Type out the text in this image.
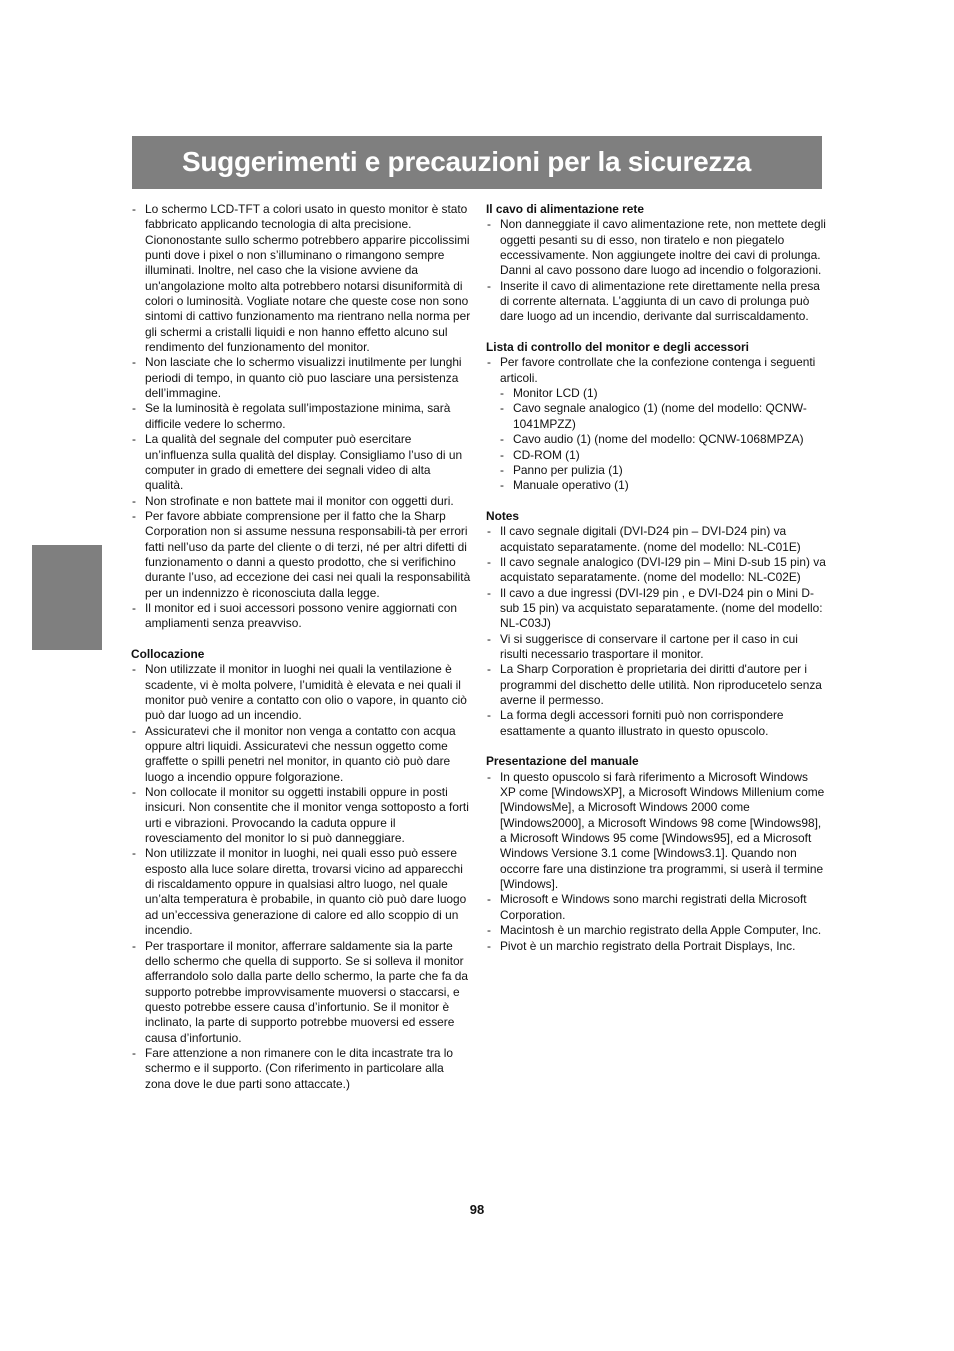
Suggerimenti e precauzioni per la sicurezza
- Lo schermo LCD-TFT a colori usato in questo monitor è stato fabbricato applicando tecnologia di alta precisione. Ciononostante sullo schermo potrebbero apparire piccolissimi punti dove i pixel o non s’illuminano o rimangono sempre illuminati. Inoltre, nel caso che la visione avviene da un'angolazione molto alta potrebbero notarsi disuniformità di colori o luminosità. Vogliate notare che queste cose non sono sintomi di cattivo funzionamento ma rientrano nella norma per gli schermi a cristalli liquidi e non hanno effetto alcuno sul rendimento del funzionamento del monitor.
- Non lasciate che lo schermo visualizzi inutilmente per lunghi periodi di tempo, in quanto ciò puo lasciare una persistenza dell’immagine.
- Se la luminosità è regolata sull’impostazione minima, sarà difficile vedere lo schermo.
- La qualità del segnale del computer può esercitare un’influenza sulla qualità del display. Consigliamo l’uso di un computer in grado di emettere dei segnali video di alta qualità.
- Non strofinate e non battete mai il monitor con oggetti duri.
- Per favore abbiate comprensione per il fatto che la Sharp Corporation non si assume nessuna responsabili-tà per errori fatti nell’uso da parte del cliente o di terzi, né per altri difetti di funzionamento o danni a questo prodotto, che si verifichino durante l’uso, ad eccezione dei casi nei quali la responsabilità per un indennizzo è riconosciuta dalla legge.
- Il monitor ed i suoi accessori possono venire aggiornati con ampliamenti senza preavviso.
Collocazione
- Non utilizzate il monitor in luoghi nei quali la ventilazione è scadente, vi è molta polvere, l’umidità è elevata e nei quali il monitor può venire a contatto con olio o vapore, in quanto ciò può dar luogo ad un incendio.
- Assicuratevi che il monitor non venga a contatto con acqua oppure altri liquidi. Assicuratevi che nessun oggetto come graffette o spilli penetri nel monitor, in quanto ciò può dare luogo a incendio oppure folgorazione.
- Non collocate il monitor su oggetti instabili oppure in posti insicuri. Non consentite che il monitor venga sottoposto a forti urti e vibrazioni. Provocando la caduta oppure il rovesciamento del monitor lo si può danneggiare.
- Non utilizzate il monitor in luoghi, nei quali esso può essere esposto alla luce solare diretta, trovarsi vicino ad apparecchi di riscaldamento oppure in qualsiasi altro luogo, nel quale un’alta temperatura è probabile, in quanto ciò può dare luogo ad un’eccessiva generazione di calore ed allo scoppio di un incendio.
- Per trasportare il monitor, afferrare saldamente sia la parte dello schermo che quella di supporto. Se si solleva il monitor afferrandolo solo dalla parte dello schermo, la parte che fa da supporto potrebbe improvvisamente muoversi o staccarsi, e questo potrebbe essere causa d’infortunio. Se il monitor è inclinato, la parte di supporto potrebbe muoversi ed essere causa d’infortunio.
- Fare attenzione a non rimanere con le dita incastrate tra lo schermo e il supporto. (Con riferimento in particolare alla zona dove le due parti sono attaccate.)
Il cavo di alimentazione rete
- Non danneggiate il cavo alimentazione rete, non mettete degli oggetti pesanti su di esso, non tiratelo e non piegatelo eccessivamente. Non aggiungete inoltre dei cavi di prolunga. Danni al cavo possono dare luogo ad incendio o folgorazioni.
- Inserite il cavo di alimentazione rete direttamente nella presa di corrente alternata. L’aggiunta di un cavo di prolunga può dare luogo ad un incendio, derivante dal surriscaldamento.
Lista di controllo del monitor e degli accessori
- Per favore controllate che la confezione contenga i seguenti articoli.
- Monitor LCD (1)
- Cavo segnale analogico (1) (nome del modello: QCNW-1041MPZZ)
- Cavo audio (1) (nome del modello: QCNW-1068MPZA)
- CD-ROM (1)
- Panno per pulizia (1)
- Manuale operativo (1)
Notes
- Il cavo segnale digitali (DVI-D24 pin – DVI-D24 pin) va acquistato separatamente. (nome del modello: NL-C01E)
- Il cavo segnale analogico (DVI-I29 pin – Mini D-sub 15 pin) va acquistato separatamente. (nome del modello: NL-C02E)
- Il cavo a due ingressi (DVI-I29 pin , e DVI-D24 pin o Mini D-sub 15 pin) va acquistato separatamente. (nome del modello: NL-C03J)
- Vi si suggerisce di conservare il cartone per il caso in cui risulti necessario trasportare il monitor.
- La Sharp Corporation è proprietaria dei diritti d'autore per i programmi del dischetto delle utilità. Non riproducetelo senza averne il permesso.
- La forma degli accessori forniti può non corrispondere esattamente a quanto illustrato in questo opuscolo.
Presentazione del manuale
- In questo opuscolo si farà riferimento a Microsoft Windows XP come [WindowsXP], a Microsoft Windows Millenium come [WindowsMe], a Microsoft Windows 2000 come [Windows2000], a Microsoft Windows 98 come [Windows98], a Microsoft Windows 95 come [Windows95], ed a Microsoft Windows Versione 3.1 come [Windows3.1]. Quando non occorre fare una distinzione tra programmi, si userà il termine [Windows].
- Microsoft e Windows sono marchi registrati della Microsoft Corporation.
- Macintosh è un marchio registrato della Apple Computer, Inc.
- Pivot è un marchio registrato della Portrait Displays, Inc.
98
